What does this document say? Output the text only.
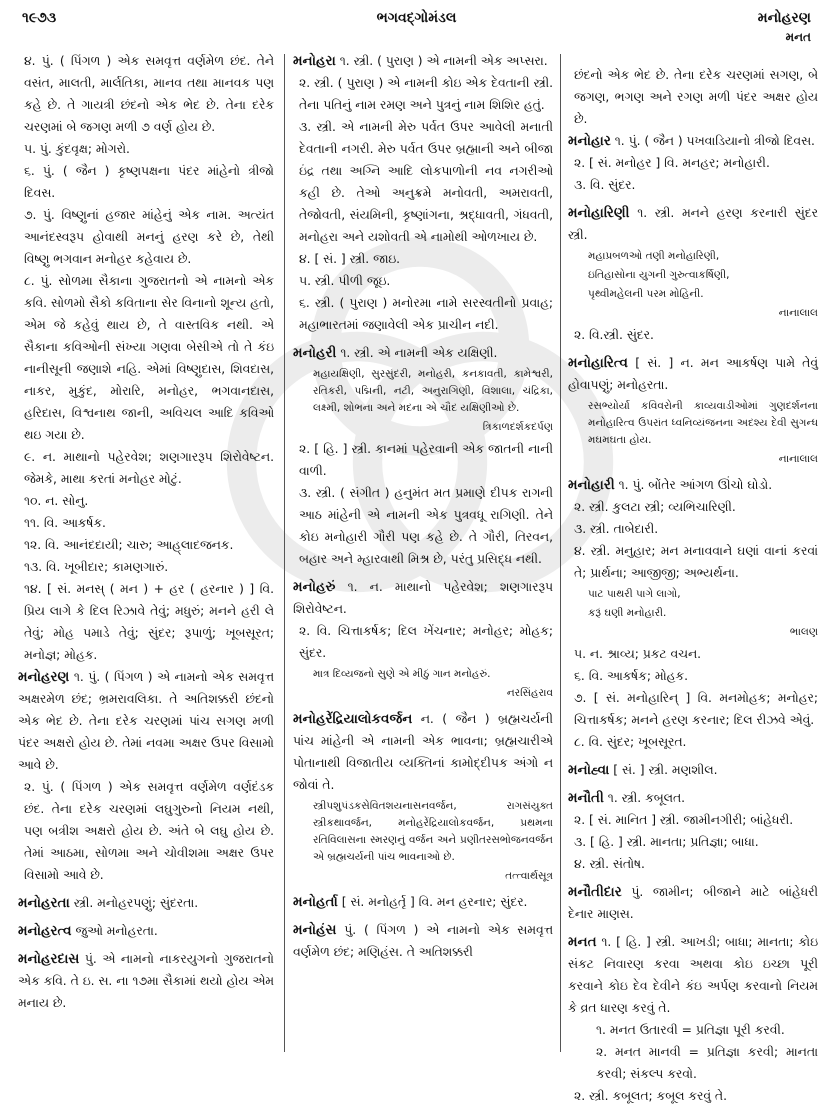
૧૯૭૩	ભગવદ્ગોમંડલ	મનોહરણ
મનત

૪. પું. ( પિંગળ ) એક સમવૃત્ત વર્ણમેળ છંદ. તેને વસંત, માલતી, માર્લતિકા, માનવ તથા માનવક પણ કહે છે. તે ગાયત્રી છંદનો એક ભેદ છે. તેના દરેક ચરણમાં બે જગણ મળી ૭ વર્ણ હોય છે.

૫. પું. કુંદવૃક્ષ; મોગરો.

૬. પું. ( જૈન ) કૃષ્ણપક્ષના પંદર માંહેનો ત્રીજો દિવસ.

૭. પું. વિષ્ણુનાં હજાર માંહેનું એક નામ. અત્યંત આનંદસ્વરૂપ હોવાથી મનનું હરણ કરે છે, તેથી વિષ્ણુ ભગવાન મનોહર કહેવાય છે.

૮. પું. સોળમા સૈકાના ગુજરાતનો એ નામનો એક કવિ. સોળમો સૈકો કવિતાના સેર વિનાનો શૂન્ય હતો, એમ જે કહેવું થાય છે, તે વાસ્તવિક નથી. એ સૈકાના કવિઓની સંખ્યા ગણવા બેસીએ તો તે કંઇ નાનીસૂની જણાશે નહિ. એમાં વિષ્ણુદાસ, શિવદાસ, નાકર, મુકુંદ, મોરારિ, મનોહર, ભગવાનદાસ, હરિદાસ, વિશ્વનાથ જાની, અવિચલ આદિ કવિઓ થઇ ગયા છે.

૯. ન. માથાનો પહેરવેશ; શણગારરૂપ શિરોવેષ્ટન. જેમકે, માથા કરતાં મનોહર મોટું.

૧૦. ન. સોનુ.

૧૧. વિ. આકર્ષક.

૧૨. વિ. આનંદદાયી; ચારુ; આહ્‌લાદજનક.

૧૩. વિ. ખૂબીદાર; કામણગારું.

૧૪. [ સં. મનસ્ ( મન ) + હર ( હરનાર ) ] વિ. પ્રિય લાગે કે દિલ રિઝાવે તેવું; મધુરું; મનને હરી લે તેવું; મોહ પમાડે તેવું; સુંદર; રૂપાળું; ખૂબસૂરત; મનોજ્ઞ; મોહક.

મનોહરણ ૧. પું. ( પિંગળ ) એ નામનો એક સમવૃત્ત અક્ષરમેળ છંદ; ભ્રમરાવલિકા. તે અતિશક્કરી છંદનો એક ભેદ છે. તેના દરેક ચરણમાં પાંચ સગણ મળી પંદર અક્ષરો હોય છે. તેમાં નવમા અક્ષર ઉપર વિસામો આવે છે.

૨. પું. ( પિંગળ ) એક સમવૃત્ત વર્ણમેળ વર્ણદંડક છંદ. તેના દરેક ચરણમાં લઘુગુરુનો નિયમ નથી, પણ બત્રીશ અક્ષરો હોય છે. અંતે બે લઘુ હોય છે. તેમાં આઠમા, સોળમા અને ચોવીશમા અક્ષર ઉપર વિસામો આવે છે.

મનોહરતા સ્ત્રી. મનોહરપણું; સુંદરતા.
મનોહરત્વ જુઓ મનોહરતા.
મનોહરદાસ પું. એ નામનો નાકરયુગનો ગુજરાતનો એક કવિ. તે ઇ. સ. ના ૧૭મા સૈકામાં થયો હોય એમ મનાય છે.
મનોહરા ૧. સ્ત્રી. ( પુરાણ ) એ નામની એક અપ્સરા.

૨. સ્ત્રી. ( પુરાણ ) એ નામની કોઇ એક દેવતાની સ્ત્રી. તેના પતિનું નામ રમણ અને પુત્રનું નામ શિશિર હતું.

૩. સ્ત્રી. એ નામની મેરુ પર્વત ઉપર આવેલી મનાતી દેવતાની નગરી. મેરુ પર્વત ઉપર બ્રહ્માની અને બીજા ઇંદ્ર તથા અગ્નિ આદિ લોકપાળોની નવ નગરીઓ કહી છે. તેઓ અનુક્રમે મનોવતી, અમરાવતી, તેજોવતી, સંયમિની, કૃષ્ણાંગના, શ્રદ્ધાવતી, ગંધવતી, મનોહરા અને યશોવતી એ નામોથી ઓળખાય છે.

૪. [ સં. ] સ્ત્રી. જાઇ.

૫. સ્ત્રી. પીળી જૂઇ.

૬. સ્ત્રી. ( પુરાણ ) મનોરમા નામે સરસ્વતીનો પ્રવાહ; મહાભારતમાં જણાવેલી એક પ્રાચીન નદી.

મનોહરી ૧. સ્ત્રી. એ નામની એક યક્ષિણી.

મહાયક્ષિણી, સુરસુંદરી, મનોહરી, કનકાવતી, કામેશ્વરી, રતિકરી, પદ્મિની, નટી, અનુરાગિણી, વિશાલા, ચંદ્રિકા, લક્ષ્મી, શોભના અને મદના એ ચૌદ યક્ષિણીઓ છે.

ત્રિકાળદર્શકદર્પણ

૨. [ હિ. ] સ્ત્રી. કાનમાં પહેરવાની એક જાતની નાની વાળી.

૩. સ્ત્રી. ( સંગીત ) હનુમંત મત પ્રમાણે દીપક રાગની આઠ માંહેની એ નામની એક પુત્રવધૂ રાગિણી. તેને કોઇ મનોહારી ગૌરી પણ કહે છે. તે ગૌરી, તિરવન, બહાર અને મ્હારવાથી મિશ્ર છે, પરંતુ પ્રસિદ્ધ નથી.

મનોહરું ૧. ન. માથાનો પહેરવેશ; શણગારરૂપ શિરોવેષ્ટન.

૨. વિ. ચિત્તાકર્ષક; દિલ ખેંચનાર; મનોહર; મોહક; સુંદર.

માત્ર દિવ્યજનો સુણે એ મીઠું ગાન મનોહરું.

નરસિંહરાવ
મનોહરેંદ્રિયાલોકવર્જન ન. ( જૈન ) બ્રહ્મચર્યની પાંચ માંહેની એ નામની એક ભાવના; બ્રહ્મચારીએ પોતાનાથી વિજાતીય વ્યક્તિનાં કામોદ્દીપક અંગો ન જોવાં તે.

સ્ત્રીપશુપંડકસેવિતશયનાસનવર્જન, રાગસંયુક્ત સ્ત્રીકથાવર્જન, મનોહરેંદ્રિયાલોકવર્જન, પ્રથમના રતિવિલાસના સ્મરણનું વર્જન અને પ્રણીતરસભોજનવર્જન એ બ્રહ્મચર્યની પાંચ ભાવનાઓ છે.

તત્ત્વાર્થસૂત્ર
મનોહર્તા [ સં. મનોહર્તૃ ] વિ. મન હરનાર; સુંદર.
મનોહંસ પું. ( પિંગળ ) એ નામનો એક સમવૃત્ત વર્ણમેળ છંદ; મણિહંસ. તે અતિશક્કરી

છંદનો એક ભેદ છે. તેના દરેક ચરણમાં સગણ, બે જગણ, ભગણ અને રગણ મળી પંદર અક્ષર હોય છે.

મનોહાર ૧. પું. ( જૈન ) પખવાડિયાનો ત્રીજો દિવસ.

૨. [ સં. મનોહર ] વિ. મનહર; મનોહારી.

૩. વિ. સુંદર.

મનોહારિણી ૧. સ્ત્રી. મનને હરણ કરનારી સુંદર સ્ત્રી.
મહાપ્રબળઓ તણી મનોહારિણી,
ઇતિહાસોના યુગની ગુરુત્વાકર્ષિણી,
પૃથ્વીમહેલની પરમ મોહિની.
નાનાલાલ

૨. વિ.સ્ત્રી. સુંદર.

મનોહારિત્વ [ સં. ] ન. મન આકર્ષણ પામે તેવું હોવાપણું; મનોહરતા.

રસભ્યોર્યા કવિવરોની કાવ્યવાડીઓમાં ગુણદર્શનના મનોહારિત્વ ઉપરાંત ધ્વનિવ્યંજનના અદશ્ય દેવી સુગન્ધ મઘમઘતા હોય.

નાનાલાલ
મનોહારી ૧. પું. બોંતેર આંગળ ઊંચો ઘોડો.

૨. સ્ત્રી. કુલટા સ્ત્રી; વ્યભિચારિણી.

૩. સ્ત્રી. તાબેદારી.

૪. સ્ત્રી. મનુહાર; મન મનાવવાને ઘણાં વાનાં કરવાં તે; પ્રાર્થના; આજીજી; અભ્યર્થના.

પાટ પાથરી પાગે લાગો,
કરૂં ઘણી મનોહારી.
ભાલણ

૫. ન. શ્રાવ્ય; પ્રકટ વચન.

૬. વિ. આકર્ષક; મોહક.

૭. [ સં. મનોહારિન્ ] વિ. મનમોહક; મનોહર; ચિત્તાકર્ષક; મનને હરણ કરનાર; દિલ રીઝવે એવું.

૮. વિ. સુંદર; ખૂબસૂરત.

મનોહ્વા [ સં. ] સ્ત્રી. મણશીલ.
મનૌતી ૧. સ્ત્રી. કબૂલત.

૨. [ સં. માનિત ] સ્ત્રી. જામીનગીરી; બાંહેધરી.

૩. [ હિ. ] સ્ત્રી. માનતા; પ્રતિજ્ઞા; બાધા.

૪. સ્ત્રી. સંતોષ.

મનૌતીદાર પું. જામીન; બીજાને માટે બાંહેધરી દેનાર માણસ.
મનત ૧. [ હિ. ] સ્ત્રી. આખડી; બાધા; માનતા; કોઇ સંકટ નિવારણ કરવા અથવા કોઇ ઇચ્છા પૂરી કરવાને કોઇ દેવ દેવીને કંઇ અર્પણ કરવાનો નિયમ કે વ્રત ધારણ કરવું તે.
૧. મનત ઉતારવી = પ્રતિજ્ઞા પૂરી કરવી.
૨. મનત માનવી = પ્રતિજ્ઞા કરવી; માનતા કરવી; સંકલ્પ કરવો.

૨. સ્ત્રી. કબૂલત; કબૂલ કરવું તે.
